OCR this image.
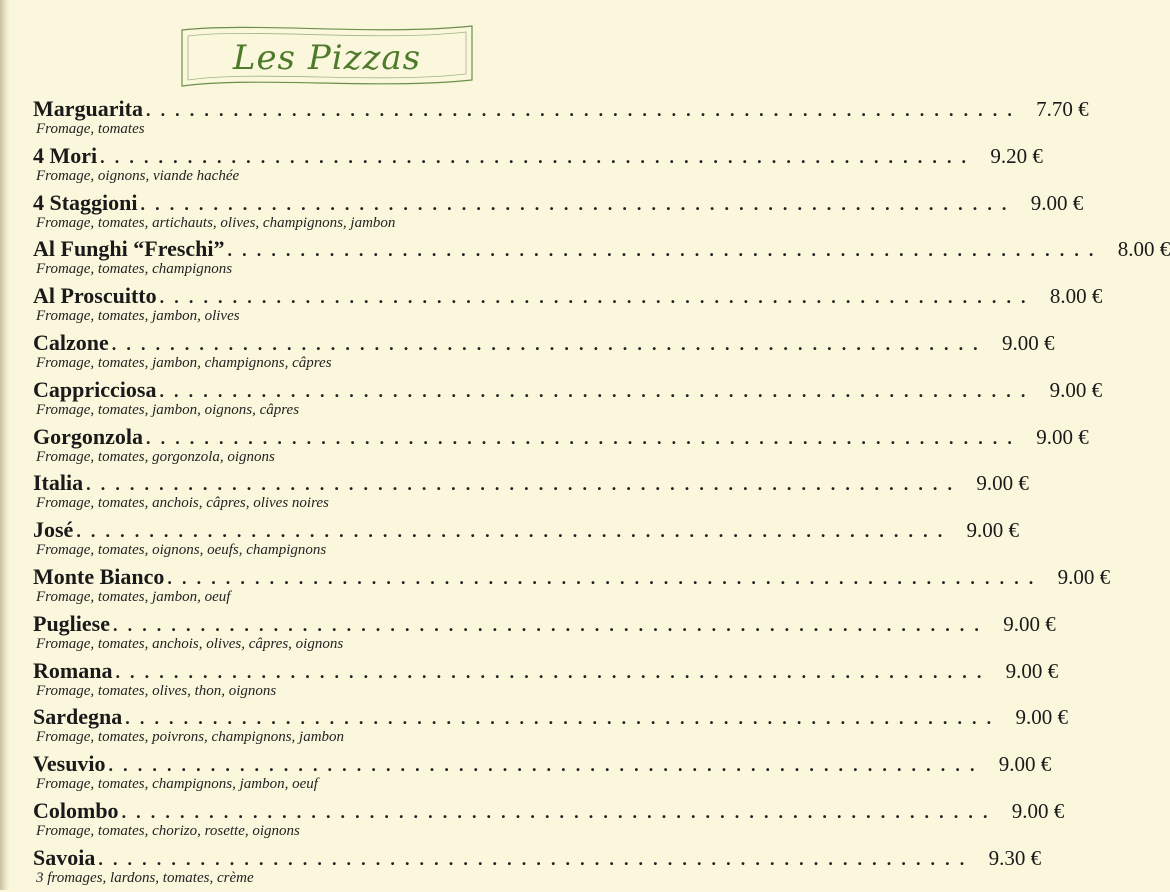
Les Pizzas
Marguarita . . . . . . . . . . . . . . . . . . . . . . . . . . . . . . . . . . . . . . . . . . . . . . . . . . . . . . . . . . . .	7.70 €
Fromage, tomates
4 Mori . . . . . . . . . . . . . . . . . . . . . . . . . . . . . . . . . . . . . . . . . . . . . . . . . . . . . . . . . . . .	9.20 €
Fromage, oignons, viande hachée
4 Staggioni . . . . . . . . . . . . . . . . . . . . . . . . . . . . . . . . . . . . . . . . . . . . . . . . . . . . . . . . . . . .	9.00 €
Fromage, tomates, artichauts, olives, champignons, jambon
Al Funghi “Freschi” . . . . . . . . . . . . . . . . . . . . . . . . . . . . . . . . . . . . . . . . . . . . . . . . . . . . . . . . . . . .	8.00 €
Fromage, tomates, champignons
Al Proscuitto . . . . . . . . . . . . . . . . . . . . . . . . . . . . . . . . . . . . . . . . . . . . . . . . . . . . . . . . . . . .	8.00 €
Fromage, tomates, jambon, olives
Calzone . . . . . . . . . . . . . . . . . . . . . . . . . . . . . . . . . . . . . . . . . . . . . . . . . . . . . . . . . . . .	9.00 €
Fromage, tomates, jambon, champignons, câpres
Cappricciosa . . . . . . . . . . . . . . . . . . . . . . . . . . . . . . . . . . . . . . . . . . . . . . . . . . . . . . . . . . . .	9.00 €
Fromage, tomates, jambon, oignons, câpres
Gorgonzola . . . . . . . . . . . . . . . . . . . . . . . . . . . . . . . . . . . . . . . . . . . . . . . . . . . . . . . . . . . .	9.00 €
Fromage, tomates, gorgonzola, oignons
Italia . . . . . . . . . . . . . . . . . . . . . . . . . . . . . . . . . . . . . . . . . . . . . . . . . . . . . . . . . . . .	9.00 €
Fromage, tomates, anchois, câpres, olives noires
José . . . . . . . . . . . . . . . . . . . . . . . . . . . . . . . . . . . . . . . . . . . . . . . . . . . . . . . . . . . .	9.00 €
Fromage, tomates, oignons, oeufs, champignons
Monte Bianco . . . . . . . . . . . . . . . . . . . . . . . . . . . . . . . . . . . . . . . . . . . . . . . . . . . . . . . . . . . .	9.00 €
Fromage, tomates, jambon, oeuf
Pugliese . . . . . . . . . . . . . . . . . . . . . . . . . . . . . . . . . . . . . . . . . . . . . . . . . . . . . . . . . . . .	9.00 €
Fromage, tomates, anchois, olives, câpres, oignons
Romana . . . . . . . . . . . . . . . . . . . . . . . . . . . . . . . . . . . . . . . . . . . . . . . . . . . . . . . . . . . .	9.00 €
Fromage, tomates, olives, thon, oignons
Sardegna . . . . . . . . . . . . . . . . . . . . . . . . . . . . . . . . . . . . . . . . . . . . . . . . . . . . . . . . . . . .	9.00 €
Fromage, tomates, poivrons, champignons, jambon
Vesuvio . . . . . . . . . . . . . . . . . . . . . . . . . . . . . . . . . . . . . . . . . . . . . . . . . . . . . . . . . . . .	9.00 €
Fromage, tomates, champignons, jambon, oeuf
Colombo . . . . . . . . . . . . . . . . . . . . . . . . . . . . . . . . . . . . . . . . . . . . . . . . . . . . . . . . . . . .	9.00 €
Fromage, tomates, chorizo, rosette, oignons
Savoia . . . . . . . . . . . . . . . . . . . . . . . . . . . . . . . . . . . . . . . . . . . . . . . . . . . . . . . . . . . .	9.30 €
3 fromages, lardons, tomates, crème
